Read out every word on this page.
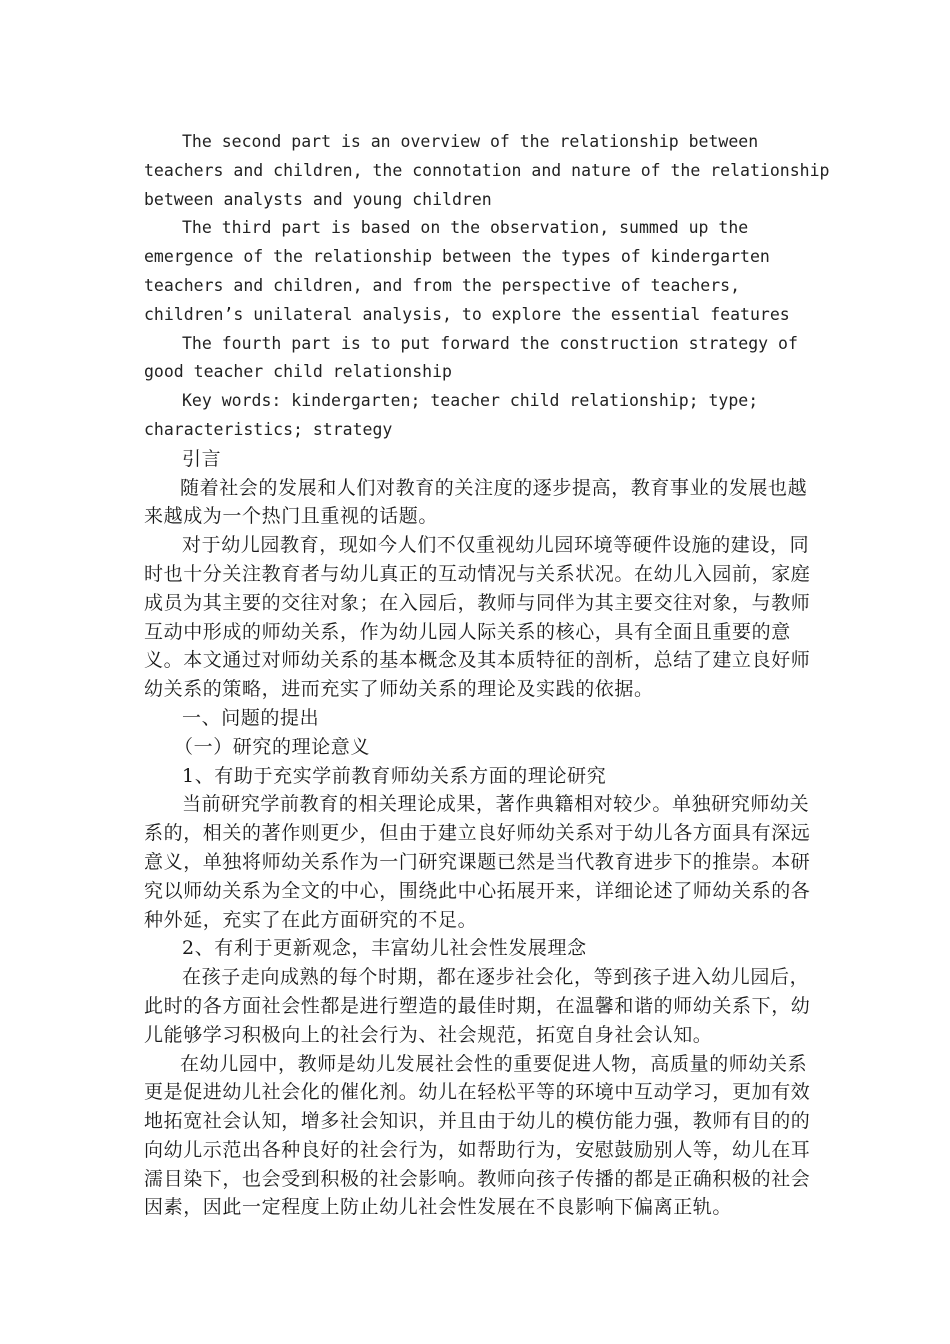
The second part is an overview of the relationship between
teachers and children, the connotation and nature of the relationship
between analysts and young children

The third part is based on the observation, summed up the
emergence of the relationship between the types of kindergarten
teachers and children, and from the perspective of teachers,
children’s unilateral analysis, to explore the essential features

The fourth part is to put forward the construction strategy of
good teacher child relationship

Key words: kindergarten; teacher child relationship; type;
characteristics; strategy

引言

随着社会的发展和人们对教育的关注度的逐步提高，教育事业的发展也越
来越成为一个热门且重视的话题。

对于幼儿园教育，现如今人们不仅重视幼儿园环境等硬件设施的建设，同
时也十分关注教育者与幼儿真正的互动情况与关系状况。在幼儿入园前，家庭
成员为其主要的交往对象；在入园后，教师与同伴为其主要交往对象，与教师
互动中形成的师幼关系，作为幼儿园人际关系的核心，具有全面且重要的意
义。本文通过对师幼关系的基本概念及其本质特征的剖析，总结了建立良好师
幼关系的策略，进而充实了师幼关系的理论及实践的依据。

一、问题的提出

（一）研究的理论意义

1、有助于充实学前教育师幼关系方面的理论研究

当前研究学前教育的相关理论成果，著作典籍相对较少。单独研究师幼关
系的，相关的著作则更少，但由于建立良好师幼关系对于幼儿各方面具有深远
意义，单独将师幼关系作为一门研究课题已然是当代教育进步下的推崇。本研
究以师幼关系为全文的中心，围绕此中心拓展开来，详细论述了师幼关系的各
种外延，充实了在此方面研究的不足。

2、有利于更新观念，丰富幼儿社会性发展理念

在孩子走向成熟的每个时期，都在逐步社会化，等到孩子进入幼儿园后，
此时的各方面社会性都是进行塑造的最佳时期，在温馨和谐的师幼关系下，幼
儿能够学习积极向上的社会行为、社会规范，拓宽自身社会认知。

在幼儿园中，教师是幼儿发展社会性的重要促进人物，高质量的师幼关系
更是促进幼儿社会化的催化剂。幼儿在轻松平等的环境中互动学习，更加有效
地拓宽社会认知，增多社会知识，并且由于幼儿的模仿能力强，教师有目的的
向幼儿示范出各种良好的社会行为，如帮助行为，安慰鼓励别人等，幼儿在耳
濡目染下，也会受到积极的社会影响。教师向孩子传播的都是正确积极的社会
因素，因此一定程度上防止幼儿社会性发展在不良影响下偏离正轨。
